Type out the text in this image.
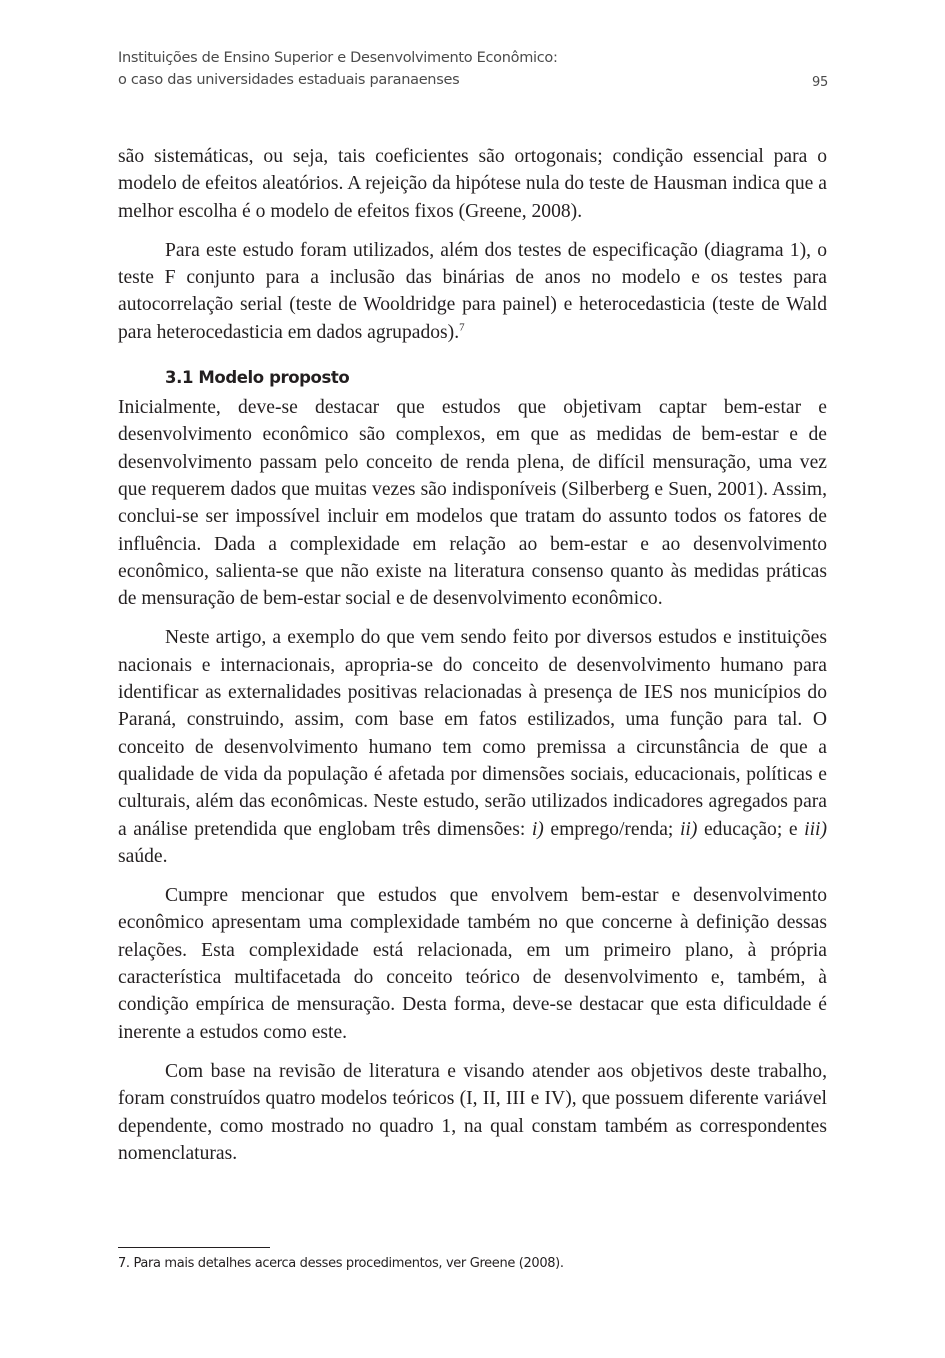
Instituições de Ensino Superior e Desenvolvimento Econômico:
o caso das universidades estaduais paranaenses	95

são sistemáticas, ou seja, tais coeficientes são ortogonais; condição essencial para o modelo de efeitos aleatórios. A rejeição da hipótese nula do teste de Hausman indica que a melhor escolha é o modelo de efeitos fixos (Greene, 2008).

Para este estudo foram utilizados, além dos testes de especificação (diagrama 1), o teste F conjunto para a inclusão das binárias de anos no modelo e os testes para autocorrelação serial (teste de Wooldridge para painel) e heterocedasticia (teste de Wald para heterocedasticia em dados agrupados).$^7$

3.1 Modelo proposto

Inicialmente, deve-se destacar que estudos que objetivam captar bem-estar e desenvolvimento econômico são complexos, em que as medidas de bem-estar e de desenvolvimento passam pelo conceito de renda plena, de difícil mensuração, uma vez que requerem dados que muitas vezes são indisponíveis (Silberberg e Suen, 2001). Assim, conclui-se ser impossível incluir em modelos que tratam do assunto todos os fatores de influência. Dada a complexidade em relação ao bem-estar e ao desenvolvimento econômico, salienta-se que não existe na literatura consenso quanto às medidas práticas de mensuração de bem-estar social e de desenvolvimento econômico.

Neste artigo, a exemplo do que vem sendo feito por diversos estudos e instituições nacionais e internacionais, apropria-se do conceito de desenvolvimento humano para identificar as externalidades positivas relacionadas à presença de IES nos municípios do Paraná, construindo, assim, com base em fatos estilizados, uma função para tal. O conceito de desenvolvimento humano tem como premissa a circunstância de que a qualidade de vida da população é afetada por dimensões sociais, educacionais, políticas e culturais, além das econômicas. Neste estudo, serão utilizados indicadores agregados para a análise pretendida que englobam três dimensões: i) emprego/renda; ii) educação; e iii) saúde.

Cumpre mencionar que estudos que envolvem bem-estar e desenvolvimento econômico apresentam uma complexidade também no que concerne à definição dessas relações. Esta complexidade está relacionada, em um primeiro plano, à própria característica multifacetada do conceito teórico de desenvolvimento e, também, à condição empírica de mensuração. Desta forma, deve-se destacar que esta dificuldade é inerente a estudos como este.

Com base na revisão de literatura e visando atender aos objetivos deste trabalho, foram construídos quatro modelos teóricos (I, II, III e IV), que possuem diferente variável dependente, como mostrado no quadro 1, na qual constam também as correspondentes nomenclaturas.

7. Para mais detalhes acerca desses procedimentos, ver Greene (2008).
